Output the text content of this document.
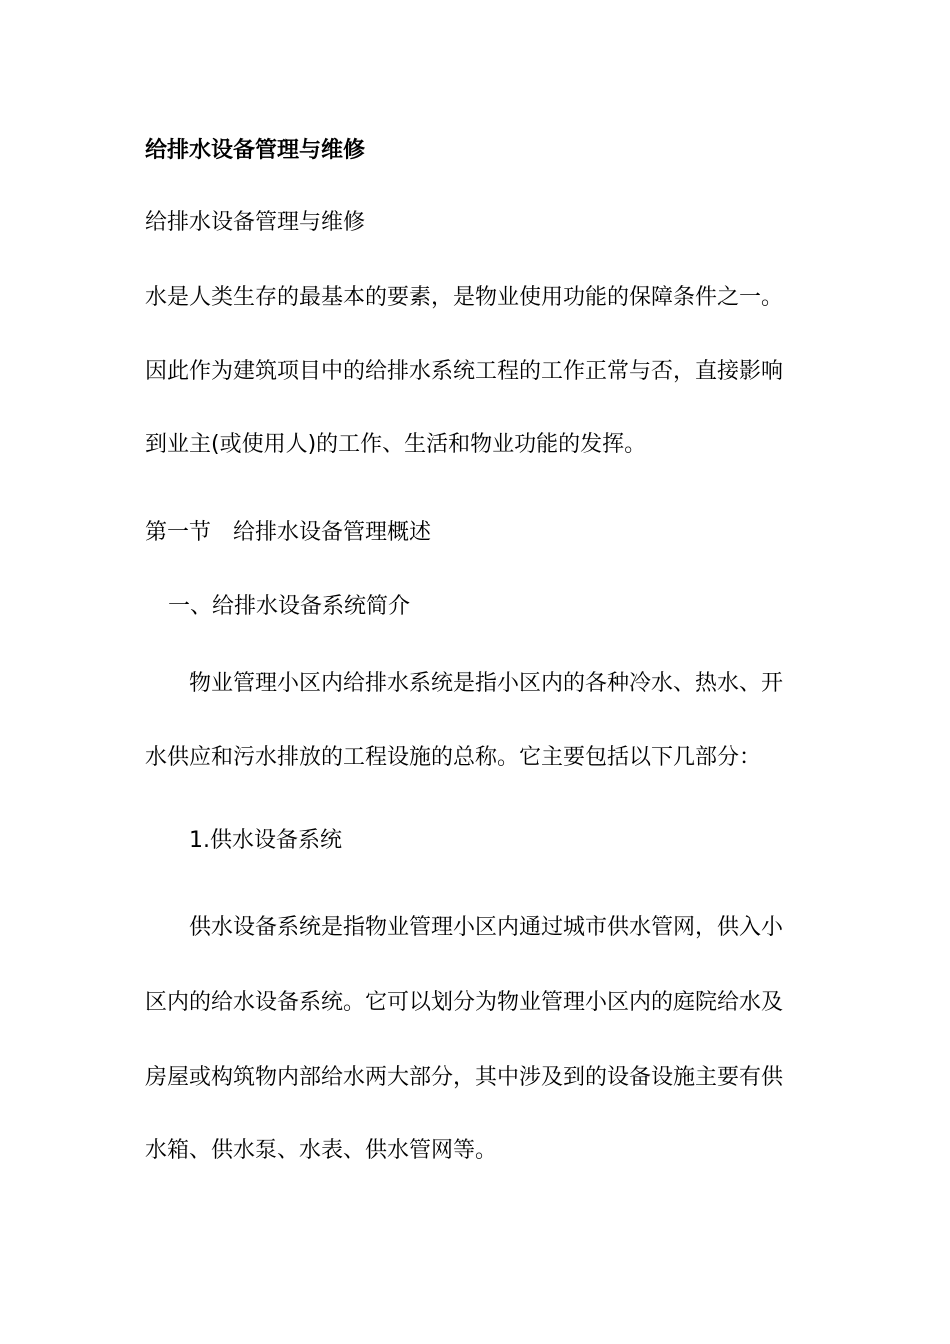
给排水设备管理与维修
给排水设备管理与维修
水是人类生存的最基本的要素，是物业使用功能的保障条件之一。
因此作为建筑项目中的给排水系统工程的工作正常与否，直接影响
到业主(或使用人)的工作、生活和物业功能的发挥。
第一节　给排水设备管理概述
一、给排水设备系统简介
物业管理小区内给排水系统是指小区内的各种冷水、热水、开
水供应和污水排放的工程设施的总称。它主要包括以下几部分：
1.供水设备系统
供水设备系统是指物业管理小区内通过城市供水管网，供入小
区内的给水设备系统。它可以划分为物业管理小区内的庭院给水及
房屋或构筑物内部给水两大部分，其中涉及到的设备设施主要有供
水箱、供水泵、水表、供水管网等。
